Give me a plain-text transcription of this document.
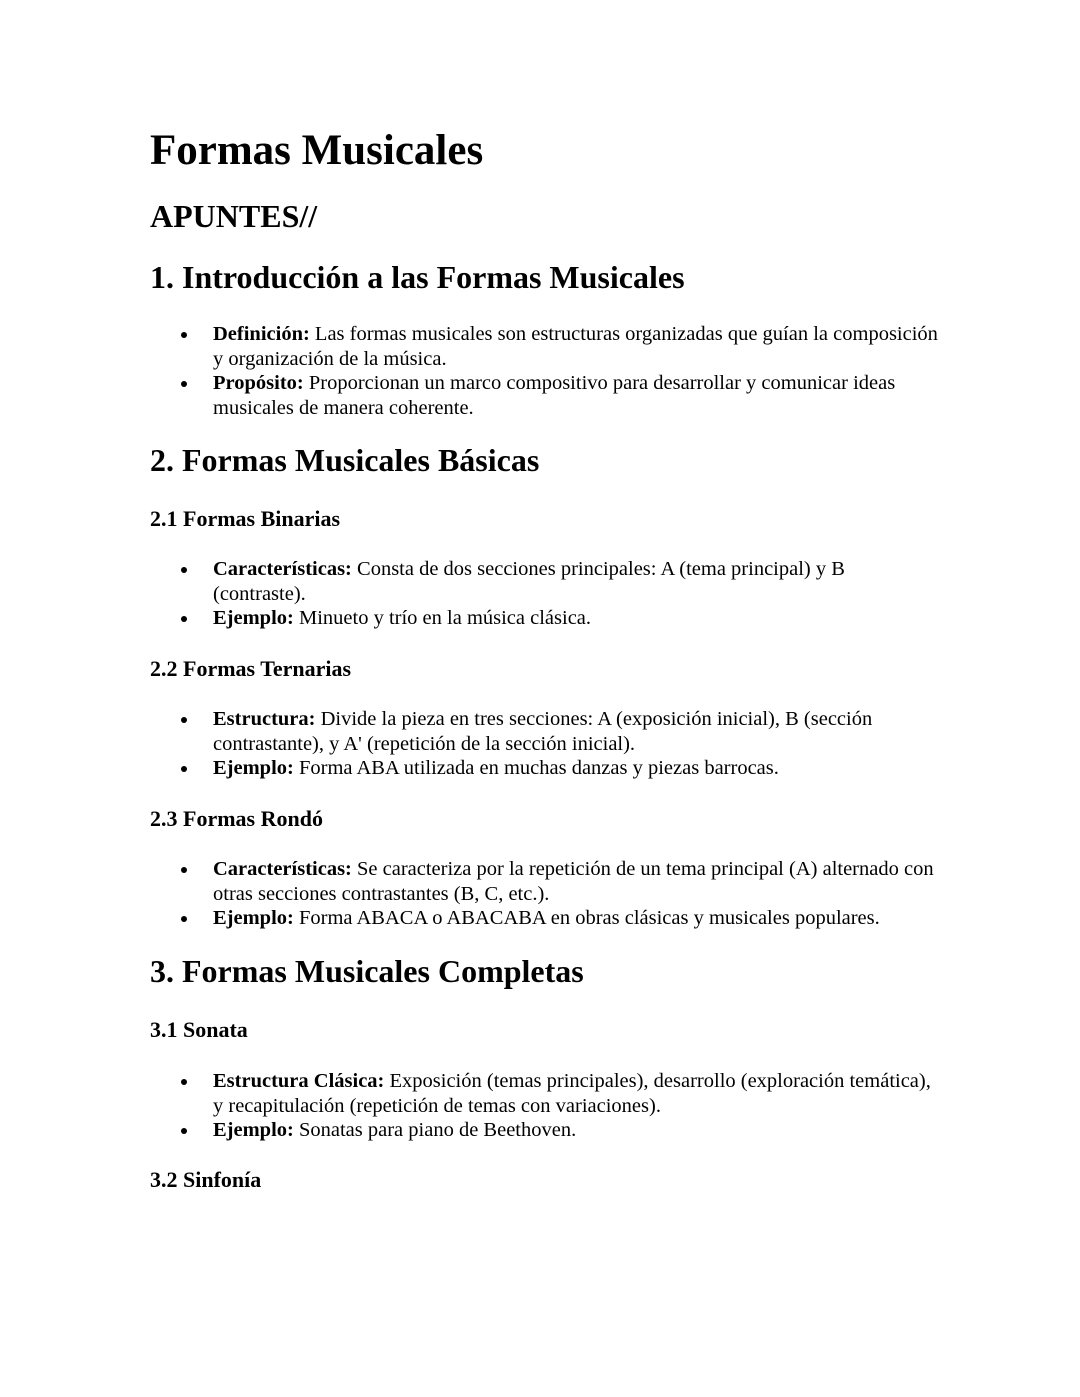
Formas Musicales
APUNTES//
1. Introducción a las Formas Musicales
Definición: Las formas musicales son estructuras organizadas que guían la composición y organización de la música.
Propósito: Proporcionan un marco compositivo para desarrollar y comunicar ideas musicales de manera coherente.
2. Formas Musicales Básicas
2.1 Formas Binarias
Características: Consta de dos secciones principales: A (tema principal) y B (contraste).
Ejemplo: Minueto y trío en la música clásica.
2.2 Formas Ternarias
Estructura: Divide la pieza en tres secciones: A (exposición inicial), B (sección contrastante), y A' (repetición de la sección inicial).
Ejemplo: Forma ABA utilizada en muchas danzas y piezas barrocas.
2.3 Formas Rondó
Características: Se caracteriza por la repetición de un tema principal (A) alternado con otras secciones contrastantes (B, C, etc.).
Ejemplo: Forma ABACA o ABACABA en obras clásicas y musicales populares.
3. Formas Musicales Completas
3.1 Sonata
Estructura Clásica: Exposición (temas principales), desarrollo (exploración temática), y recapitulación (repetición de temas con variaciones).
Ejemplo: Sonatas para piano de Beethoven.
3.2 Sinfonía
